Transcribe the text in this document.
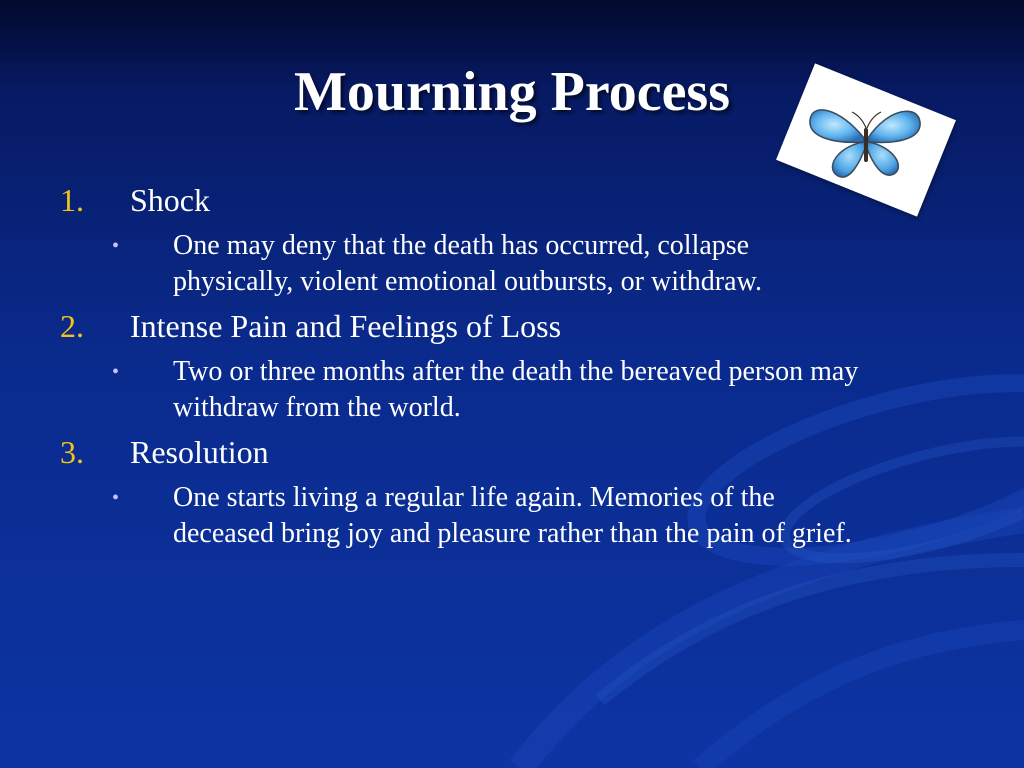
Mourning Process
1.	Shock
•	One may deny that the death has occurred, collapse physically, violent emotional outbursts, or withdraw.
2.	Intense Pain and Feelings of Loss
•	Two or three months after the death the bereaved person may withdraw from the world.
3.	Resolution
•	One starts living a regular life again. Memories of the deceased bring joy and pleasure rather than the pain of grief.
